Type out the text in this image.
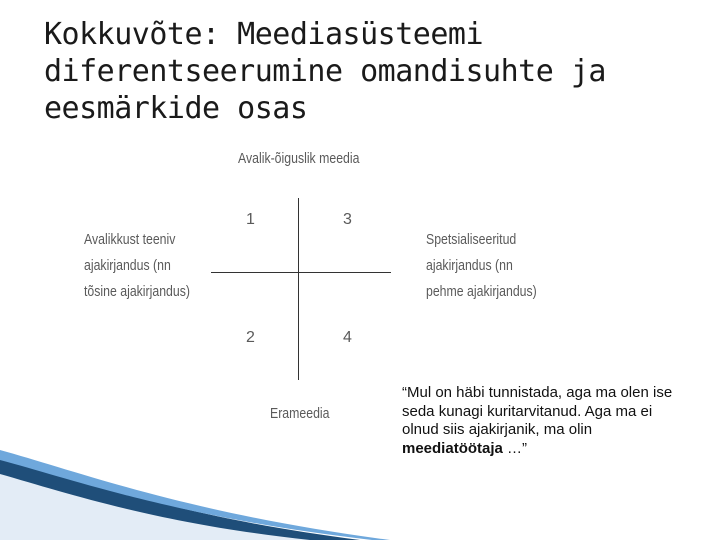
Kokkuvõte: Meediasüsteemi
diferentseerumine omandisuhte ja
eesmärkide osas
Avalik-õiguslik meedia
Erameedia
Avalikkust teeniv
ajakirjandus (nn
tõsine ajakirjandus)
Spetsialiseeritud
ajakirjandus (nn
pehme ajakirjandus)
1	3
2	4
“Mul on häbi tunnistada, aga ma olen ise seda kunagi kuritarvitanud. Aga ma ei olnud siis ajakirjanik, ma olin meediatöötaja …”
